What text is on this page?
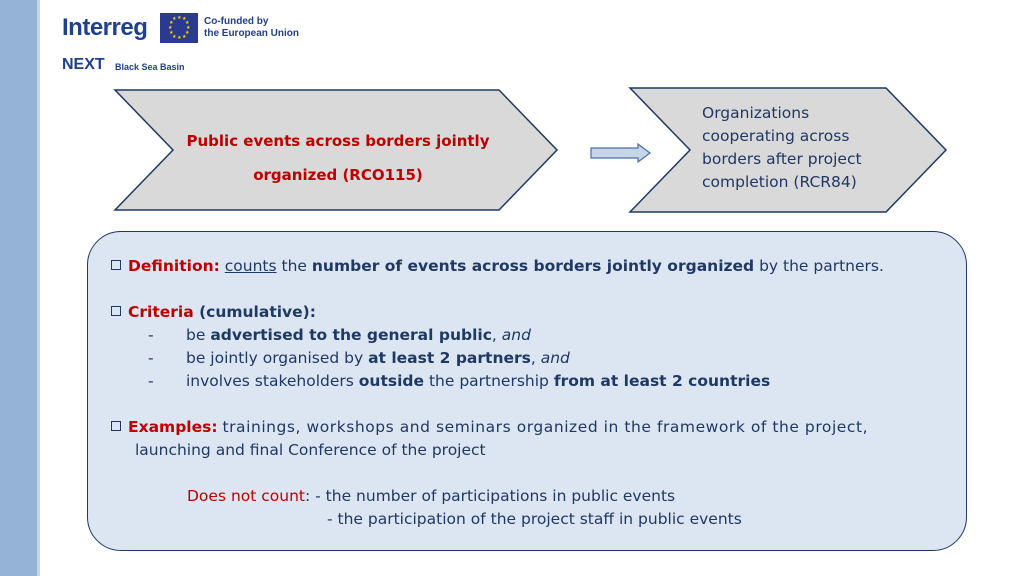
Interreg	★ ★
★
★
★
★
★
★
★
★
★
★	Co-funded by
the European Union
NEXT Black Sea Basin
Public events across borders jointly
organized (RCO115)
Organizations
cooperating across
borders after project
completion (RCR84)
Definition: counts the number of events across borders jointly organized by the partners.
Criteria (cumulative):
- be advertised to the general public, and
- be jointly organised by at least 2 partners, and
- involves stakeholders outside the partnership from at least 2 countries
Examples: trainings, workshops and seminars organized in the framework of the project,
launching and final Conference of the project
Does not count: - the number of participations in public events
- the participation of the project staff in public events
